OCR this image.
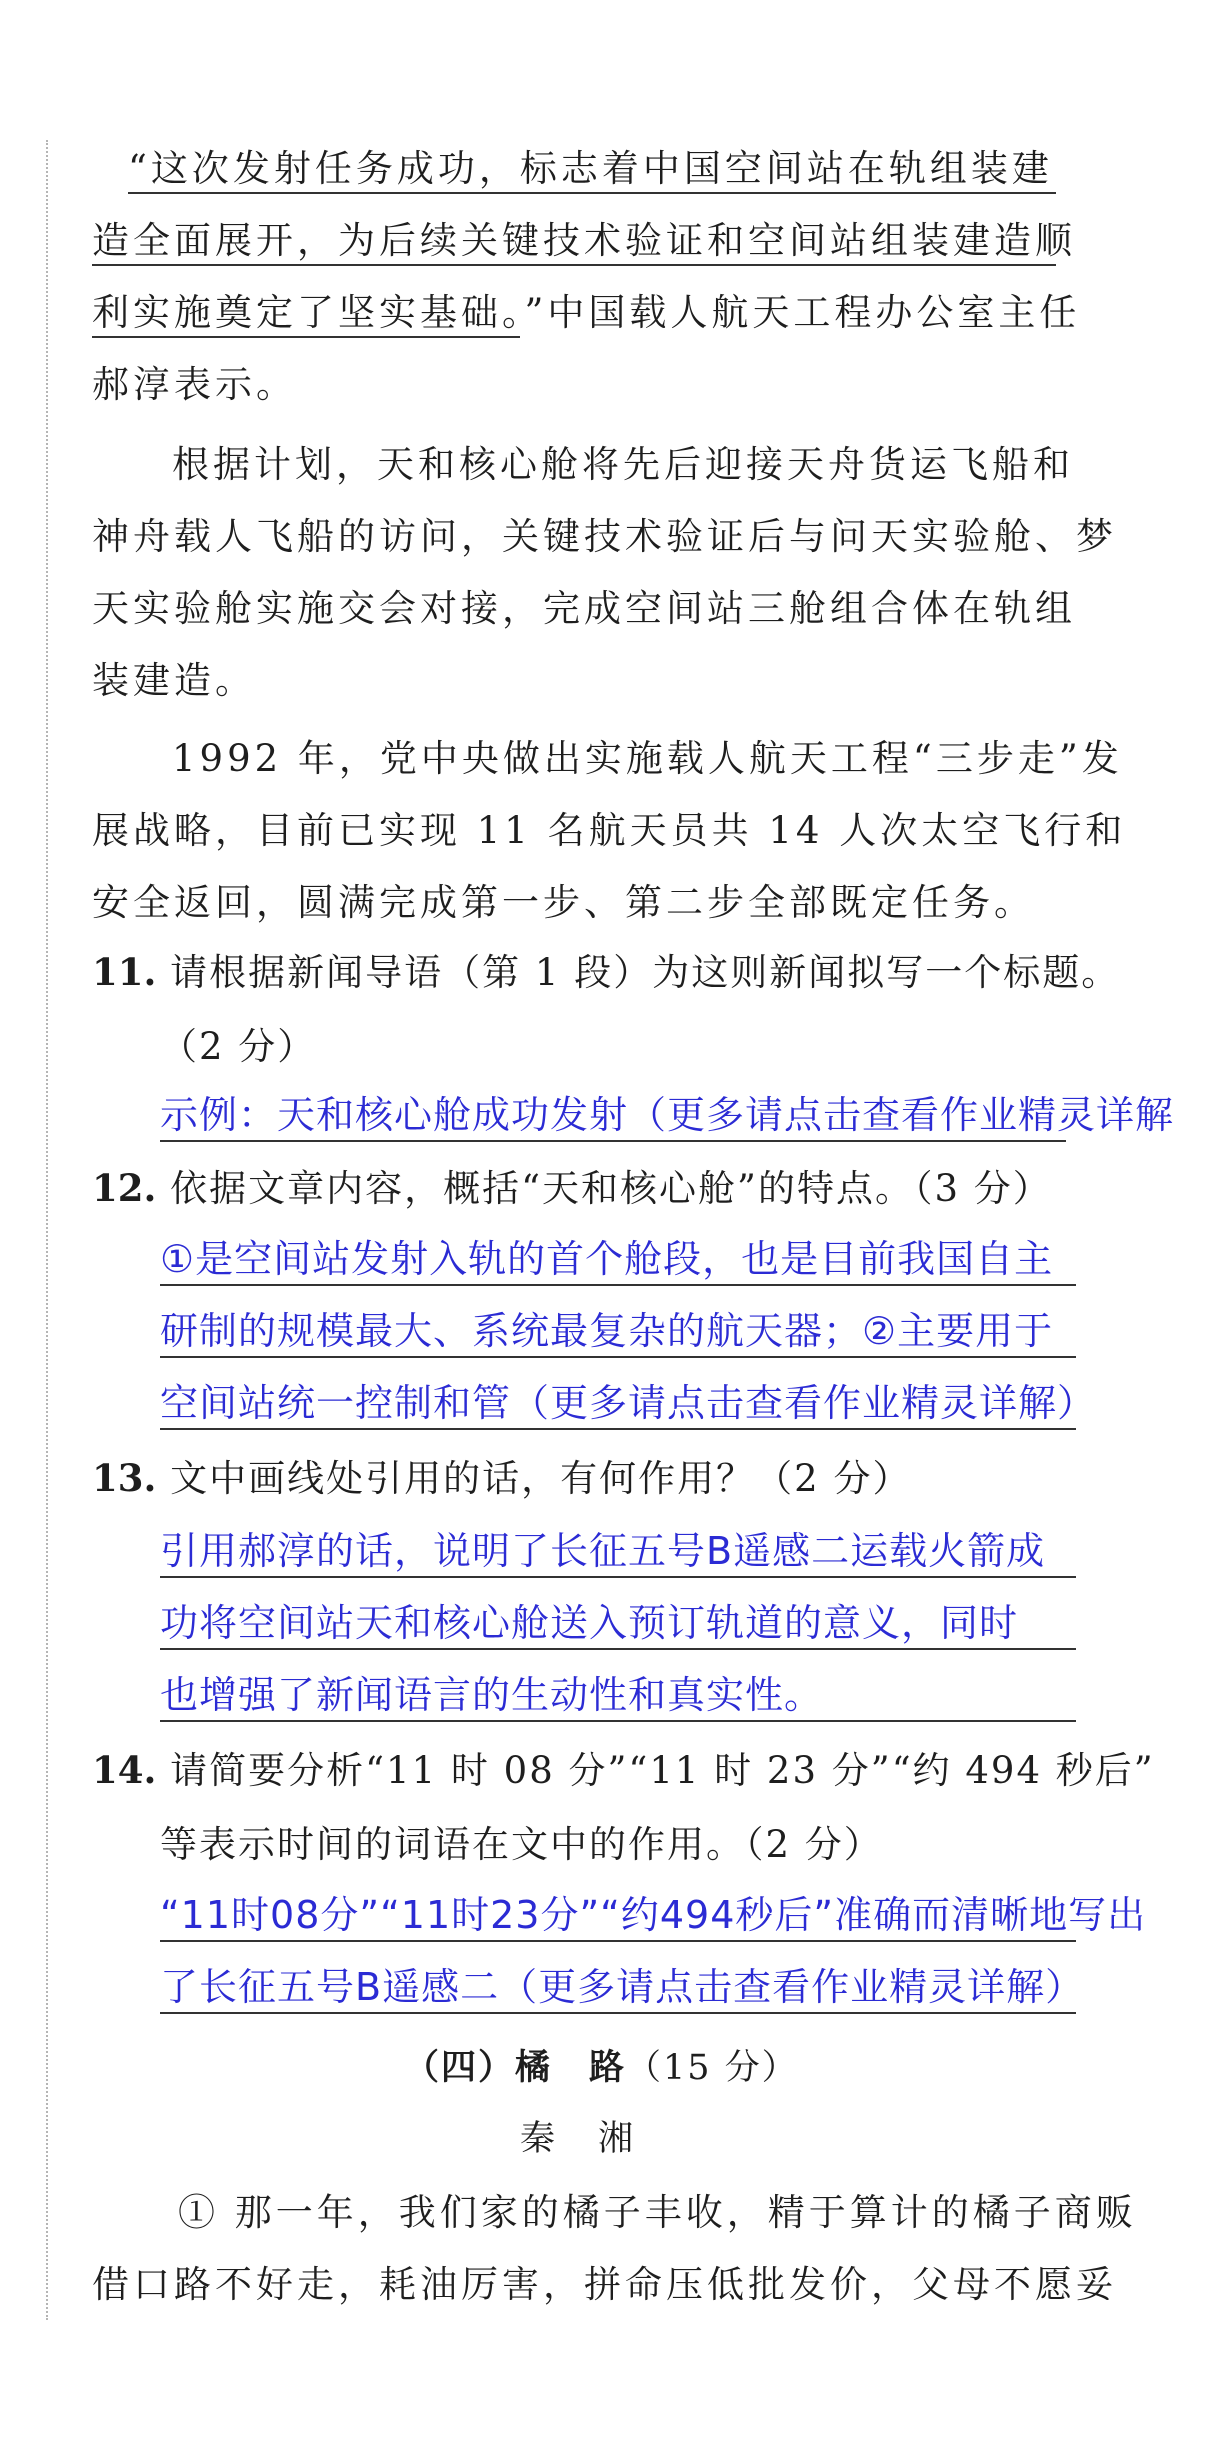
“这次发射任务成功，标志着中国空间站在轨组装建
造全面展开，为后续关键技术验证和空间站组装建造顺
利实施奠定了坚实基础。”中国载人航天工程办公室主任
郝淳表示。
根据计划，天和核心舱将先后迎接天舟货运飞船和
神舟载人飞船的访问，关键技术验证后与问天实验舱、梦
天实验舱实施交会对接，完成空间站三舱组合体在轨组
装建造。
1992 年，党中央做出实施载人航天工程“三步走”发
展战略，目前已实现 11 名航天员共 14 人次太空飞行和
安全返回，圆满完成第一步、第二步全部既定任务。
11. 请根据新闻导语（第 1 段）为这则新闻拟写一个标题。
（2 分）
示例：天和核心舱成功发射（更多请点击查看作业精灵详解
12. 依据文章内容，概括“天和核心舱”的特点。（3 分）
①是空间站发射入轨的首个舱段，也是目前我国自主
研制的规模最大、系统最复杂的航天器；②主要用于
空间站统一控制和管（更多请点击查看作业精灵详解）
13. 文中画线处引用的话，有何作用？（2 分）
引用郝淳的话，说明了长征五号B遥感二运载火箭成
功将空间站天和核心舱送入预订轨道的意义，同时
也增强了新闻语言的生动性和真实性。
14. 请简要分析“11 时 08 分”“11 时 23 分”“约 494 秒后”
等表示时间的词语在文中的作用。（2 分）
“11时08分”“11时23分”“约494秒后”准确而清晰地写出
了长征五号B遥感二（更多请点击查看作业精灵详解）
（四）橘　路（15 分）
秦　湘
① 那一年，我们家的橘子丰收，精于算计的橘子商贩
借口路不好走，耗油厉害，拼命压低批发价，父母不愿妥
